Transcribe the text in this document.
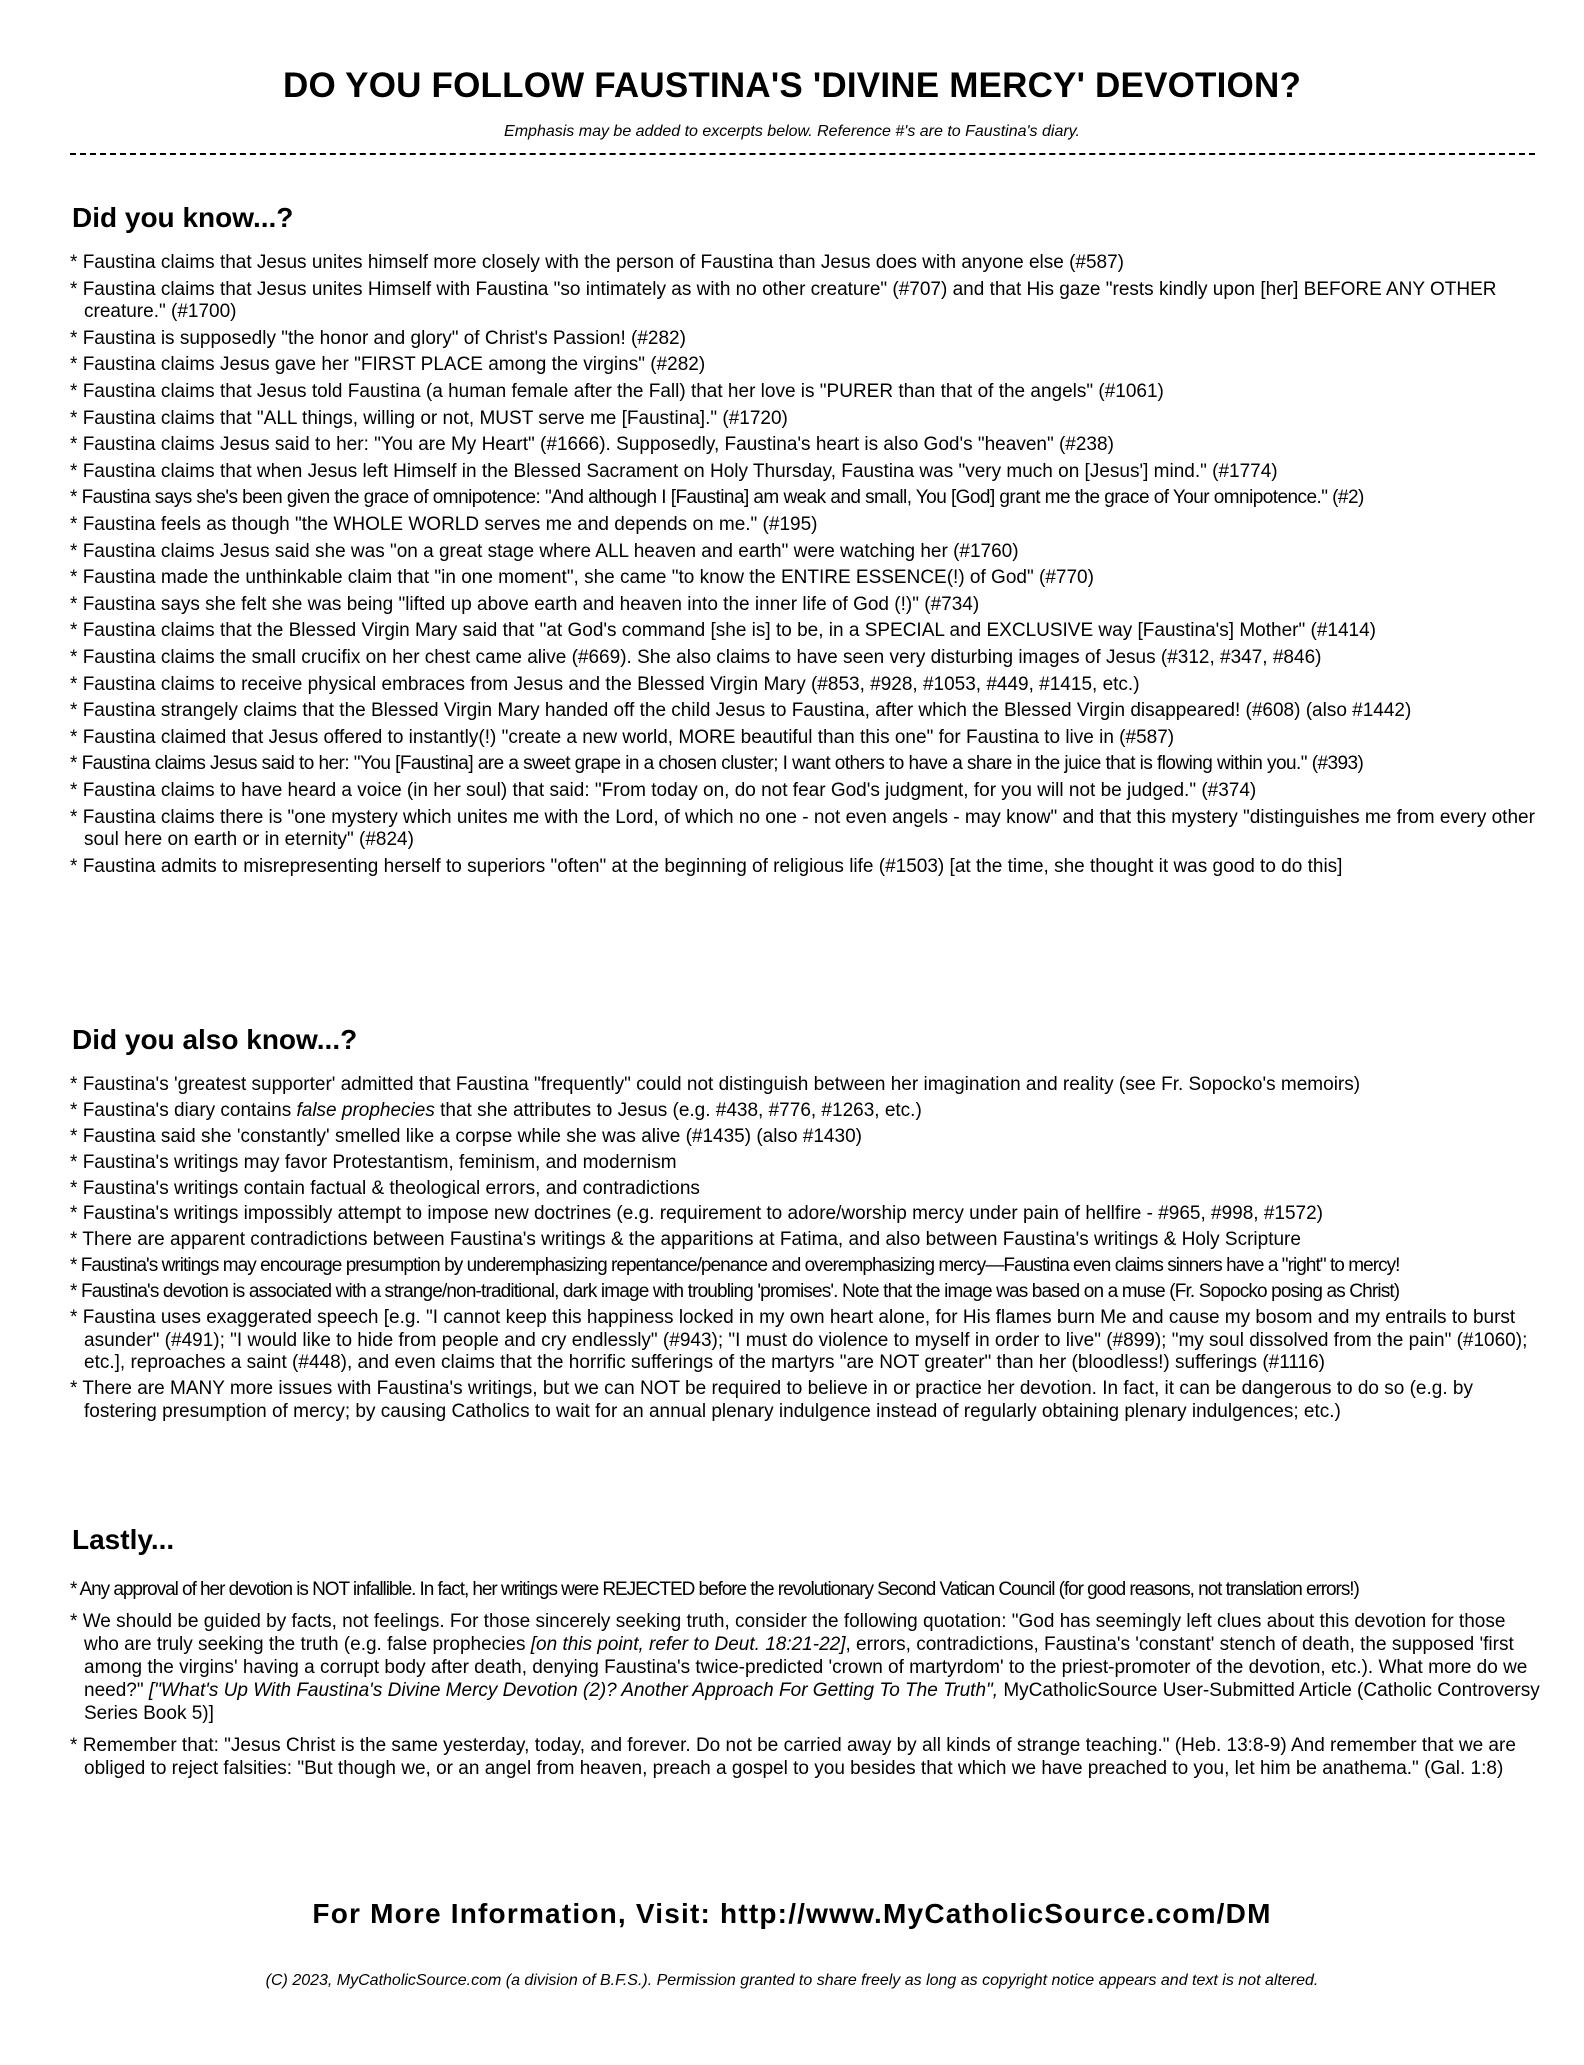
DO YOU FOLLOW FAUSTINA'S 'DIVINE MERCY' DEVOTION?
Emphasis may be added to excerpts below. Reference #'s are to Faustina's diary.
Did you know...?
* Faustina claims that Jesus unites himself more closely with the person of Faustina than Jesus does with anyone else (#587)
* Faustina claims that Jesus unites Himself with Faustina "so intimately as with no other creature" (#707) and that His gaze "rests kindly upon [her] BEFORE ANY OTHER creature." (#1700)
* Faustina is supposedly "the honor and glory" of Christ's Passion! (#282)
* Faustina claims Jesus gave her "FIRST PLACE among the virgins" (#282)
* Faustina claims that Jesus told Faustina (a human female after the Fall) that her love is "PURER than that of the angels" (#1061)
* Faustina claims that "ALL things, willing or not, MUST serve me [Faustina]." (#1720)
* Faustina claims Jesus said to her: "You are My Heart" (#1666). Supposedly, Faustina's heart is also God's "heaven" (#238)
* Faustina claims that when Jesus left Himself in the Blessed Sacrament on Holy Thursday, Faustina was "very much on [Jesus'] mind." (#1774)
* Faustina says she's been given the grace of omnipotence: "And although I [Faustina] am weak and small, You [God] grant me the grace of Your omnipotence." (#2)
* Faustina feels as though "the WHOLE WORLD serves me and depends on me." (#195)
* Faustina claims Jesus said she was "on a great stage where ALL heaven and earth" were watching her (#1760)
* Faustina made the unthinkable claim that "in one moment", she came "to know the ENTIRE ESSENCE(!) of God" (#770)
* Faustina says she felt she was being "lifted up above earth and heaven into the inner life of God (!)" (#734)
* Faustina claims that the Blessed Virgin Mary said that "at God's command [she is] to be, in a SPECIAL and EXCLUSIVE way [Faustina's] Mother" (#1414)
* Faustina claims the small crucifix on her chest came alive (#669). She also claims to have seen very disturbing images of Jesus (#312, #347, #846)
* Faustina claims to receive physical embraces from Jesus and the Blessed Virgin Mary (#853, #928, #1053, #449, #1415, etc.)
* Faustina strangely claims that the Blessed Virgin Mary handed off the child Jesus to Faustina, after which the Blessed Virgin disappeared! (#608) (also #1442)
* Faustina claimed that Jesus offered to instantly(!) "create a new world, MORE beautiful than this one" for Faustina to live in (#587)
* Faustina claims Jesus said to her: "You [Faustina] are a sweet grape in a chosen cluster; I want others to have a share in the juice that is flowing within you." (#393)
* Faustina claims to have heard a voice (in her soul) that said: "From today on, do not fear God's judgment, for you will not be judged." (#374)
* Faustina claims there is "one mystery which unites me with the Lord, of which no one - not even angels - may know" and that this mystery "distinguishes me from every other soul here on earth or in eternity" (#824)
* Faustina admits to misrepresenting herself to superiors "often" at the beginning of religious life (#1503) [at the time, she thought it was good to do this]
Did you also know...?
* Faustina's 'greatest supporter' admitted that Faustina "frequently" could not distinguish between her imagination and reality (see Fr. Sopocko's memoirs)
* Faustina's diary contains false prophecies that she attributes to Jesus (e.g. #438, #776, #1263, etc.)
* Faustina said she 'constantly' smelled like a corpse while she was alive (#1435) (also #1430)
* Faustina's writings may favor Protestantism, feminism, and modernism
* Faustina's writings contain factual & theological errors, and contradictions
* Faustina's writings impossibly attempt to impose new doctrines (e.g. requirement to adore/worship mercy under pain of hellfire - #965, #998, #1572)
* There are apparent contradictions between Faustina's writings & the apparitions at Fatima, and also between Faustina's writings & Holy Scripture
* Faustina's writings may encourage presumption by underemphasizing repentance/penance and overemphasizing mercy—Faustina even claims sinners have a "right" to mercy!
* Faustina's devotion is associated with a strange/non-traditional, dark image with troubling 'promises'. Note that the image was based on a muse (Fr. Sopocko posing as Christ)
* Faustina uses exaggerated speech [e.g. "I cannot keep this happiness locked in my own heart alone, for His flames burn Me and cause my bosom and my entrails to burst asunder" (#491); "I would like to hide from people and cry endlessly" (#943); "I must do violence to myself in order to live" (#899); "my soul dissolved from the pain" (#1060); etc.], reproaches a saint (#448), and even claims that the horrific sufferings of the martyrs "are NOT greater" than her (bloodless!) sufferings (#1116)
* There are MANY more issues with Faustina's writings, but we can NOT be required to believe in or practice her devotion. In fact, it can be dangerous to do so (e.g. by fostering presumption of mercy; by causing Catholics to wait for an annual plenary indulgence instead of regularly obtaining plenary indulgences; etc.)
Lastly...
* Any approval of her devotion is NOT infallible. In fact, her writings were REJECTED before the revolutionary Second Vatican Council (for good reasons, not translation errors!)
* We should be guided by facts, not feelings. For those sincerely seeking truth, consider the following quotation: "God has seemingly left clues about this devotion for those who are truly seeking the truth (e.g. false prophecies [on this point, refer to Deut. 18:21-22], errors, contradictions, Faustina's 'constant' stench of death, the supposed 'first among the virgins' having a corrupt body after death, denying Faustina's twice-predicted 'crown of martyrdom' to the priest-promoter of the devotion, etc.). What more do we need?" ["What's Up With Faustina's Divine Mercy Devotion (2)? Another Approach For Getting To The Truth", MyCatholicSource User-Submitted Article (Catholic Controversy Series Book 5)]
* Remember that: "Jesus Christ is the same yesterday, today, and forever. Do not be carried away by all kinds of strange teaching." (Heb. 13:8-9) And remember that we are obliged to reject falsities: "But though we, or an angel from heaven, preach a gospel to you besides that which we have preached to you, let him be anathema." (Gal. 1:8)
For More Information, Visit: http://www.MyCatholicSource.com/DM
(C) 2023, MyCatholicSource.com (a division of B.F.S.). Permission granted to share freely as long as copyright notice appears and text is not altered.
